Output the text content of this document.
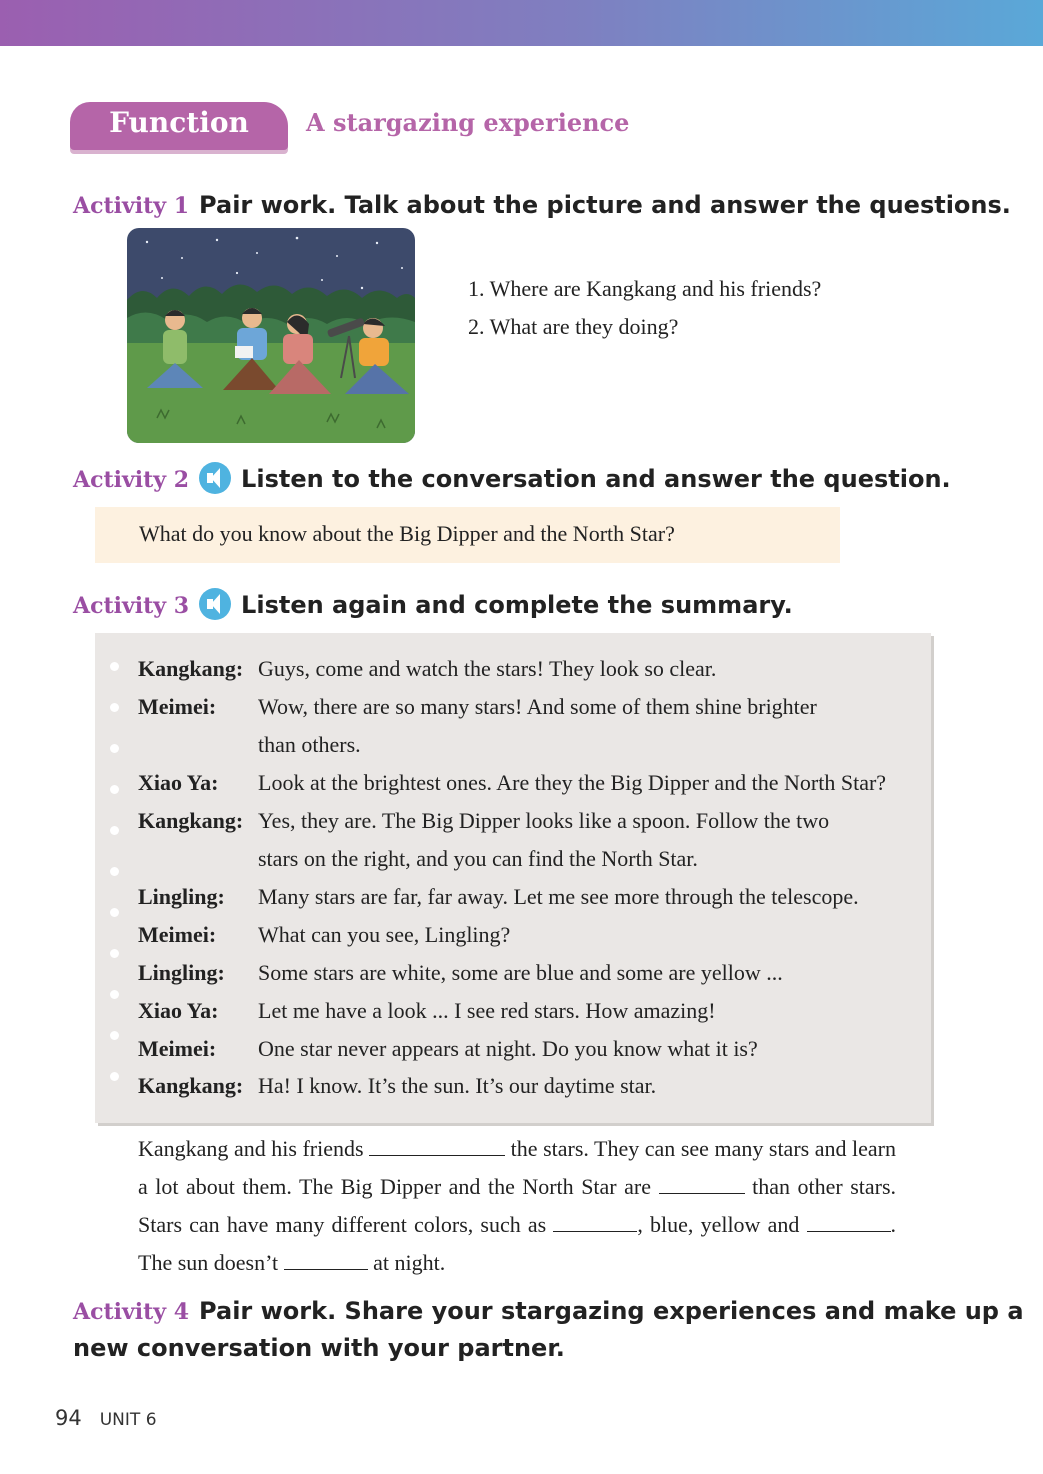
Function	A stargazing experience
Activity 1 Pair work. Talk about the picture and answer the questions.
1. Where are Kangkang and his friends?
2. What are they doing?
Activity 2 Listen to the conversation and answer the question.
What do you know about the Big Dipper and the North Star?
Activity 3 Listen again and complete the summary.
Kangkang: Guys, come and watch the stars! They look so clear.
Meimei: Wow, there are so many stars! And some of them shine brighter
than others.
Xiao Ya: Look at the brightest ones. Are they the Big Dipper and the North Star?
Kangkang: Yes, they are. The Big Dipper looks like a spoon. Follow the two
stars on the right, and you can find the North Star.
Lingling: Many stars are far, far away. Let me see more through the telescope.
Meimei: What can you see, Lingling?
Lingling: Some stars are white, some are blue and some are yellow ...
Xiao Ya: Let me have a look ... I see red stars. How amazing!
Meimei: One star never appears at night. Do you know what it is?
Kangkang: Ha! I know. It’s the sun. It’s our daytime star.
Kangkang and his friends	the stars. They can see many stars and learn a lot about them. The Big Dipper and the North Star are	than other stars. Stars can have many different colors, such as	, blue, yellow and	. The sun doesn’t	at night.
Activity 4 Pair work. Share your stargazing experiences and make up a
new conversation with your partner.
94 UNIT 6
